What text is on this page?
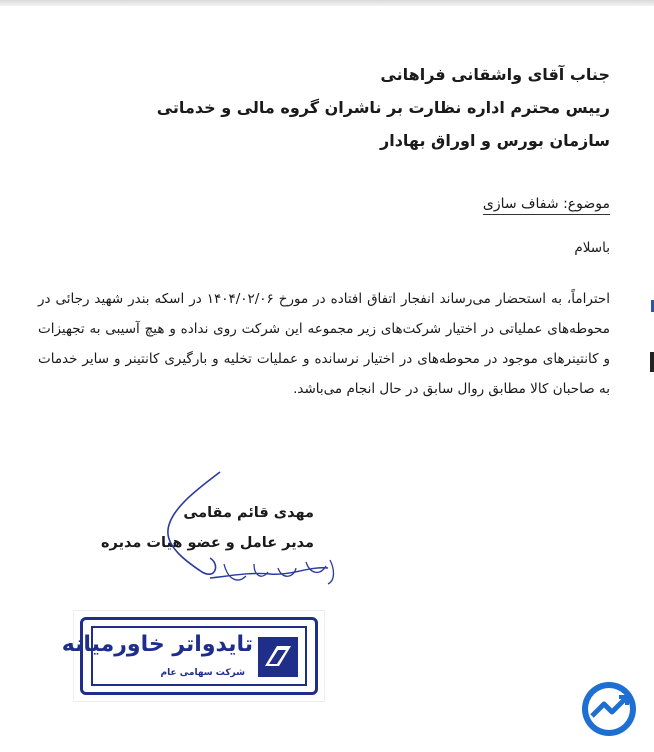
جناب آقای واشقانی فراهانی
رییس محترم اداره نظارت بر ناشران گروه مالی و خدماتی
سازمان بورس و اوراق بهادار
موضوع: شفاف سازی
باسلام
احتراماً، به استحضار می‌رساند انفجار اتفاق افتاده در مورخ ۱۴۰۴/۰۲/۰۶ در اسکه بندر شهید رجائی در محوطه‌های عملیاتی در اختیار شرکت‌های زیر مجموعه این شرکت روی نداده و هیچ آسیبی به تجهیزات و کانتینرهای موجود در محوطه‌های در اختیار نرسانده و عملیات تخلیه و بارگیری کانتینر و سایر خدمات به صاحبان کالا مطابق روال سابق در حال انجام می‌باشد.
مهدی قائم مقامی
مدیر عامل و عضو هیات مدیره
تایدواتر خاورمیانه
شرکت سهامی عام
